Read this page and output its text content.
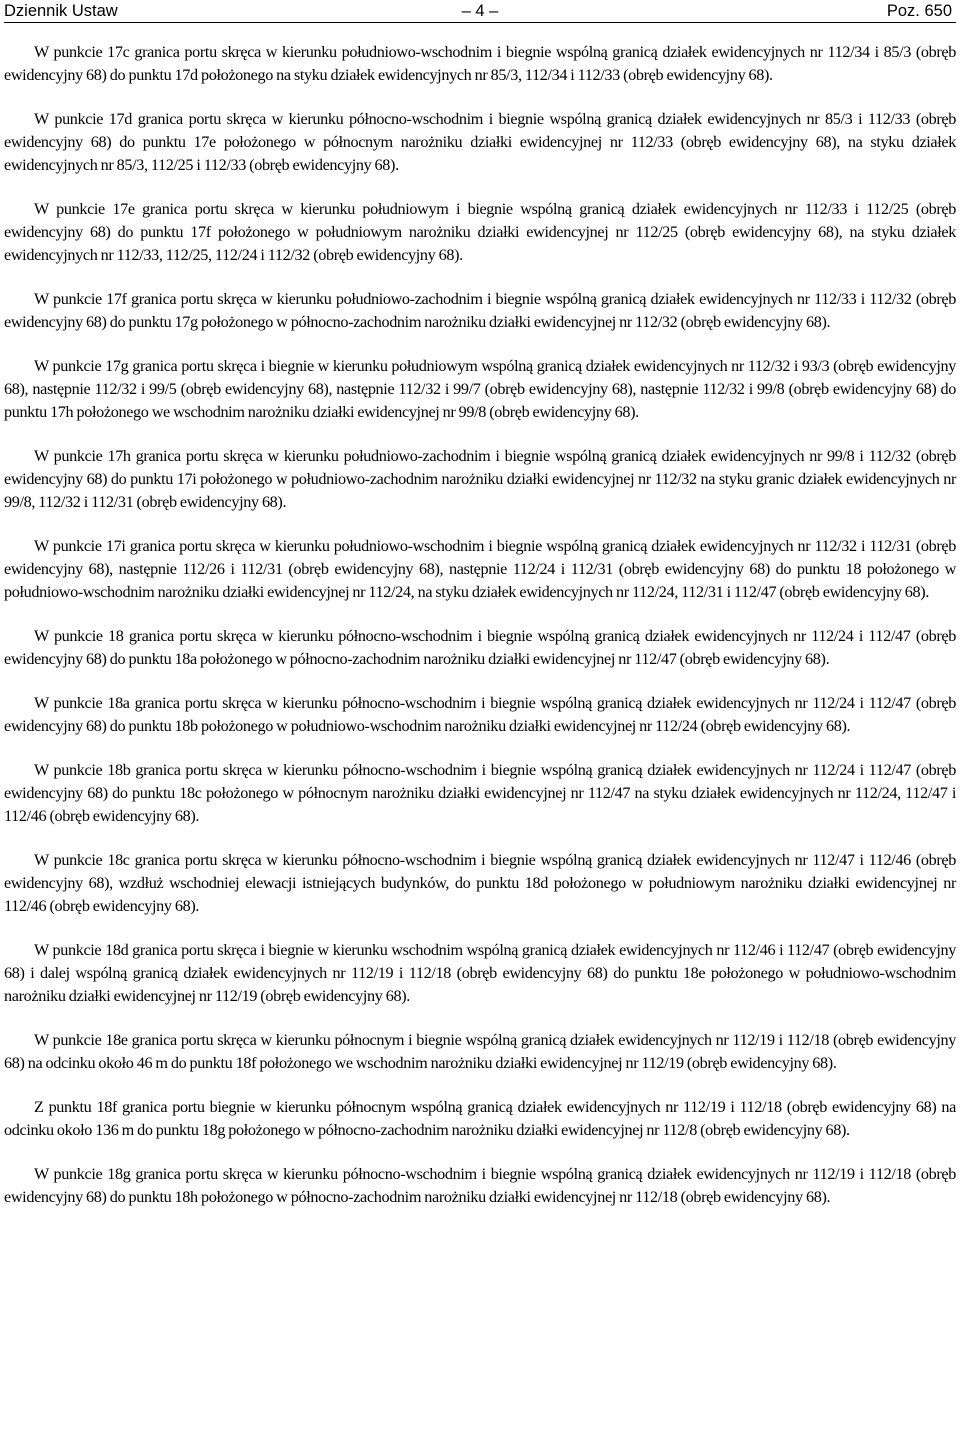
Dziennik Ustaw	– 4 –	Poz. 650

W punkcie 17c granica portu skręca w kierunku południowo-wschodnim i biegnie wspólną granicą działek ewidencyjnych nr 112/34 i 85/3 (obręb ewidencyjny 68) do punktu 17d położonego na styku działek ewidencyjnych nr 85/3, 112/34 i 112/33 (obręb ewidencyjny 68).

W punkcie 17d granica portu skręca w kierunku północno-wschodnim i biegnie wspólną granicą działek ewidencyjnych nr 85/3 i 112/33 (obręb ewidencyjny 68) do punktu 17e położonego w północnym narożniku działki ewidencyjnej nr 112/33 (obręb ewidencyjny 68), na styku działek ewidencyjnych nr 85/3, 112/25 i 112/33 (obręb ewidencyjny 68).

W punkcie 17e granica portu skręca w kierunku południowym i biegnie wspólną granicą działek ewidencyjnych nr 112/33 i 112/25 (obręb ewidencyjny 68) do punktu 17f położonego w południowym narożniku działki ewidencyjnej nr 112/25 (obręb ewidencyjny 68), na styku działek ewidencyjnych nr 112/33, 112/25, 112/24 i 112/32 (obręb ewidencyjny 68).

W punkcie 17f granica portu skręca w kierunku południowo-zachodnim i biegnie wspólną granicą działek ewidencyjnych nr 112/33 i 112/32 (obręb ewidencyjny 68) do punktu 17g położonego w północno-zachodnim narożniku działki ewidencyjnej nr 112/32 (obręb ewidencyjny 68).

W punkcie 17g granica portu skręca i biegnie w kierunku południowym wspólną granicą działek ewidencyjnych nr 112/32 i 93/3 (obręb ewidencyjny 68), następnie 112/32 i 99/5 (obręb ewidencyjny 68), następnie 112/32 i 99/7 (obręb ewidencyjny 68), następnie 112/32 i 99/8 (obręb ewidencyjny 68) do punktu 17h położonego we wschodnim narożniku działki ewidencyjnej nr 99/8 (obręb ewidencyjny 68).

W punkcie 17h granica portu skręca w kierunku południowo-zachodnim i biegnie wspólną granicą działek ewidencyjnych nr 99/8 i 112/32 (obręb ewidencyjny 68) do punktu 17i położonego w południowo-zachodnim narożniku działki ewidencyjnej nr 112/32 na styku granic działek ewidencyjnych nr 99/8, 112/32 i 112/31 (obręb ewidencyjny 68).

W punkcie 17i granica portu skręca w kierunku południowo-wschodnim i biegnie wspólną granicą działek ewidencyjnych nr 112/32 i 112/31 (obręb ewidencyjny 68), następnie 112/26 i 112/31 (obręb ewidencyjny 68), następnie 112/24 i 112/31 (obręb ewidencyjny 68) do punktu 18 położonego w południowo-wschodnim narożniku działki ewidencyjnej nr 112/24, na styku działek ewidencyjnych nr 112/24, 112/31 i 112/47 (obręb ewidencyjny 68).

W punkcie 18 granica portu skręca w kierunku północno-wschodnim i biegnie wspólną granicą działek ewidencyjnych nr 112/24 i 112/47 (obręb ewidencyjny 68) do punktu 18a położonego w północno-zachodnim narożniku działki ewidencyjnej nr 112/47 (obręb ewidencyjny 68).

W punkcie 18a granica portu skręca w kierunku północno-wschodnim i biegnie wspólną granicą działek ewidencyjnych nr 112/24 i 112/47 (obręb ewidencyjny 68) do punktu 18b położonego w południowo-wschodnim narożniku działki ewidencyjnej nr 112/24 (obręb ewidencyjny 68).

W punkcie 18b granica portu skręca w kierunku północno-wschodnim i biegnie wspólną granicą działek ewidencyjnych nr 112/24 i 112/47 (obręb ewidencyjny 68) do punktu 18c położonego w północnym narożniku działki ewidencyjnej nr 112/47 na styku działek ewidencyjnych nr 112/24, 112/47 i 112/46 (obręb ewidencyjny 68).

W punkcie 18c granica portu skręca w kierunku północno-wschodnim i biegnie wspólną granicą działek ewidencyjnych nr 112/47 i 112/46 (obręb ewidencyjny 68), wzdłuż wschodniej elewacji istniejących budynków, do punktu 18d położonego w południowym narożniku działki ewidencyjnej nr 112/46 (obręb ewidencyjny 68).

W punkcie 18d granica portu skręca i biegnie w kierunku wschodnim wspólną granicą działek ewidencyjnych nr 112/46 i 112/47 (obręb ewidencyjny 68) i dalej wspólną granicą działek ewidencyjnych nr 112/19 i 112/18 (obręb ewidencyjny 68) do punktu 18e położonego w południowo-wschodnim narożniku działki ewidencyjnej nr 112/19 (obręb ewidencyjny 68).

W punkcie 18e granica portu skręca w kierunku północnym i biegnie wspólną granicą działek ewidencyjnych nr 112/19 i 112/18 (obręb ewidencyjny 68) na odcinku około 46 m do punktu 18f położonego we wschodnim narożniku działki ewidencyjnej nr 112/19 (obręb ewidencyjny 68).

Z punktu 18f granica portu biegnie w kierunku północnym wspólną granicą działek ewidencyjnych nr 112/19 i 112/18 (obręb ewidencyjny 68) na odcinku około 136 m do punktu 18g położonego w północno-zachodnim narożniku działki ewidencyjnej nr 112/8 (obręb ewidencyjny 68).

W punkcie 18g granica portu skręca w kierunku północno-wschodnim i biegnie wspólną granicą działek ewidencyjnych nr 112/19 i 112/18 (obręb ewidencyjny 68) do punktu 18h położonego w północno-zachodnim narożniku działki ewidencyjnej nr 112/18 (obręb ewidencyjny 68).
